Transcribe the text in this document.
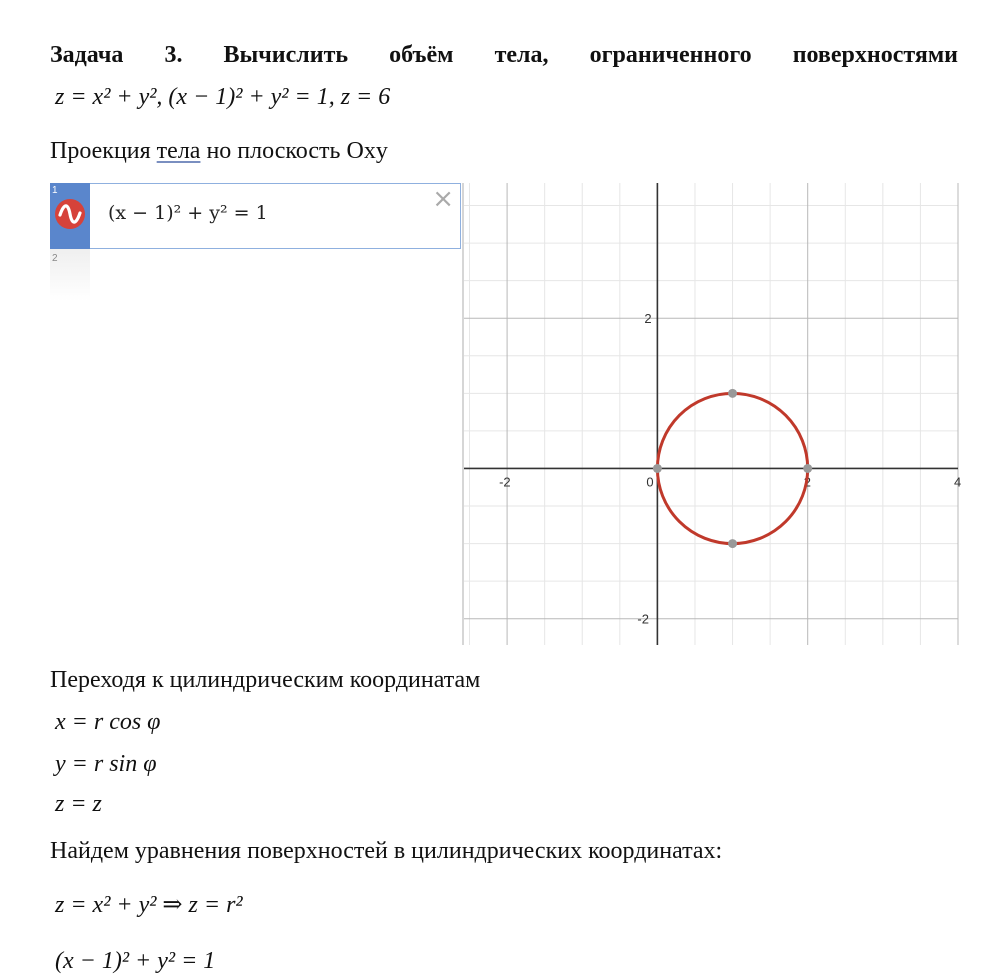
Задача 3. Вычислить объём тела, ограниченного поверхностями
z = x² + y², (x − 1)² + y² = 1, z = 6
Проекция тела но плоскость Oxy
1
2
(x − 1)² + y² = 1	×
-2	0	2	4
2
-2
Переходя к цилиндрическим координатам
x = r cos φ
y = r sin φ
z = z
Найдем уравнения поверхностей в цилиндрических координатах:
z = x² + y² ⇒ z = r²
(x − 1)² + y² = 1
